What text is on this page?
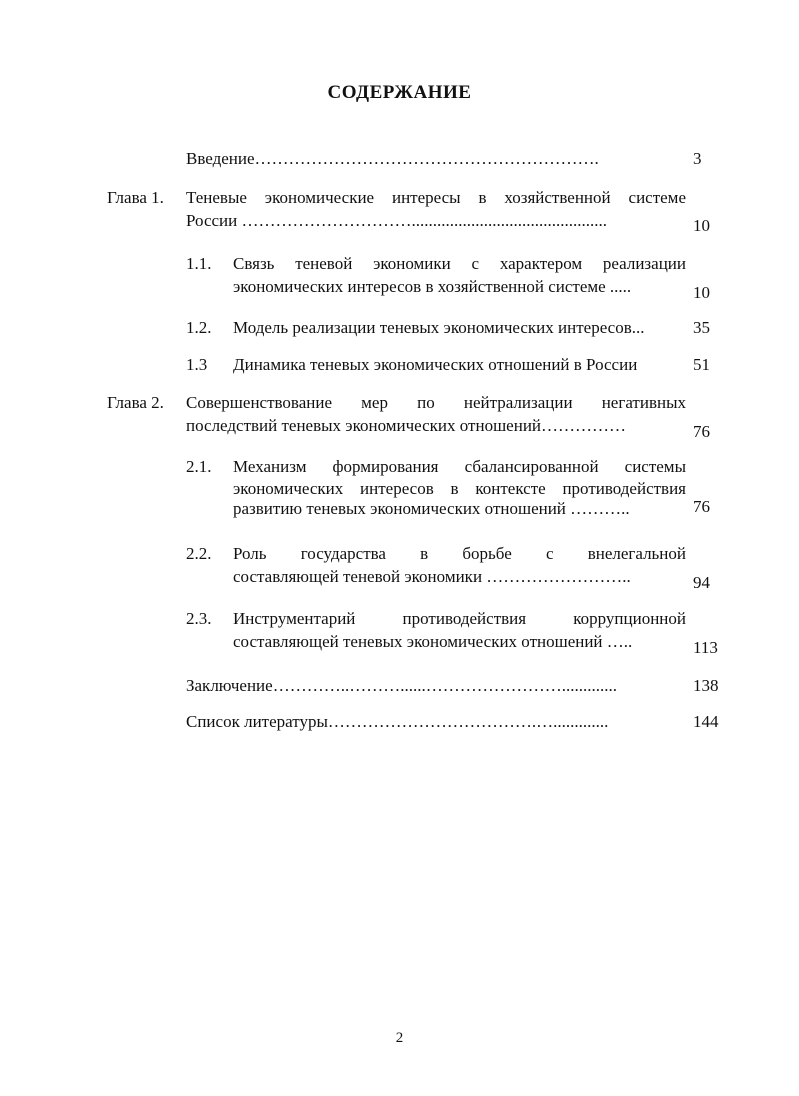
СОДЕРЖАНИЕ
Введение…………………………………………………….	3
Глава 1. Теневые экономические интересы в хозяйственной системе
России …………………………..............................................	10
1.1. Связь теневой экономики с характером реализации
экономических интересов в хозяйственной системе .....	10
1.2. Модель реализации теневых экономических интересов...	35
1.3 Динамика теневых экономических отношений в России	51
Глава 2. Совершенствование мер по нейтрализации негативных
последствий теневых экономических отношений……………	76
2.1. Механизм формирования сбалансированной системы
экономических интересов в контексте противодействия
развитию теневых экономических отношений ………..	76
2.2. Роль государства в борьбе с внелегальной
составляющей теневой экономики ……………………..	94
2.3. Инструментарий противодействия коррупционной
составляющей теневых экономических отношений …..	113
Заключение…………..………......…………………….............	138
Список литературы……………………………….….............	144
2
